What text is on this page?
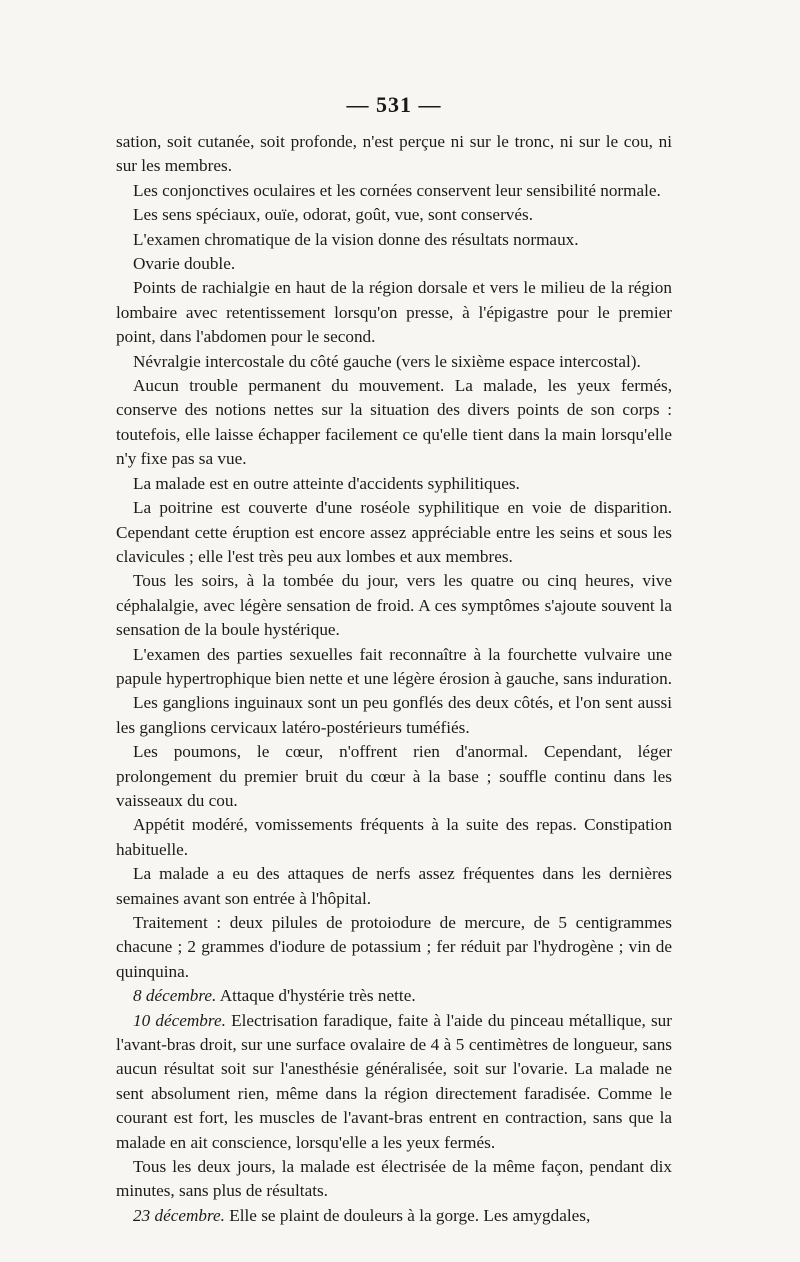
— 531 —

sation, soit cutanée, soit profonde, n'est perçue ni sur le tronc, ni sur le cou, ni sur les membres.

Les conjonctives oculaires et les cornées conservent leur sensibilité normale.

Les sens spéciaux, ouïe, odorat, goût, vue, sont conservés.

L'examen chromatique de la vision donne des résultats normaux.

Ovarie double.

Points de rachialgie en haut de la région dorsale et vers le milieu de la région lombaire avec retentissement lorsqu'on presse, à l'épigastre pour le premier point, dans l'abdomen pour le second.

Névralgie intercostale du côté gauche (vers le sixième espace intercostal).

Aucun trouble permanent du mouvement. La malade, les yeux fermés, conserve des notions nettes sur la situation des divers points de son corps : toutefois, elle laisse échapper facilement ce qu'elle tient dans la main lorsqu'elle n'y fixe pas sa vue.

La malade est en outre atteinte d'accidents syphilitiques.

La poitrine est couverte d'une roséole syphilitique en voie de disparition. Cependant cette éruption est encore assez appréciable entre les seins et sous les clavicules ; elle l'est très peu aux lombes et aux membres.

Tous les soirs, à la tombée du jour, vers les quatre ou cinq heures, vive céphalalgie, avec légère sensation de froid. A ces symptômes s'ajoute souvent la sensation de la boule hystérique.

L'examen des parties sexuelles fait reconnaître à la fourchette vulvaire une papule hypertrophique bien nette et une légère érosion à gauche, sans induration.

Les ganglions inguinaux sont un peu gonflés des deux côtés, et l'on sent aussi les ganglions cervicaux latéro-postérieurs tuméfiés.

Les poumons, le cœur, n'offrent rien d'anormal. Cependant, léger prolongement du premier bruit du cœur à la base ; souffle continu dans les vaisseaux du cou.

Appétit modéré, vomissements fréquents à la suite des repas. Constipation habituelle.

La malade a eu des attaques de nerfs assez fréquentes dans les dernières semaines avant son entrée à l'hôpital.

Traitement : deux pilules de protoiodure de mercure, de 5 centigrammes chacune ; 2 grammes d'iodure de potassium ; fer réduit par l'hydrogène ; vin de quinquina.

8 décembre. Attaque d'hystérie très nette.

10 décembre. Electrisation faradique, faite à l'aide du pinceau métallique, sur l'avant-bras droit, sur une surface ovalaire de 4 à 5 centimètres de longueur, sans aucun résultat soit sur l'anesthésie généralisée, soit sur l'ovarie. La malade ne sent absolument rien, même dans la région directement faradisée. Comme le courant est fort, les muscles de l'avant-bras entrent en contraction, sans que la malade en ait conscience, lorsqu'elle a les yeux fermés.

Tous les deux jours, la malade est électrisée de la même façon, pendant dix minutes, sans plus de résultats.

23 décembre. Elle se plaint de douleurs à la gorge. Les amygdales,
